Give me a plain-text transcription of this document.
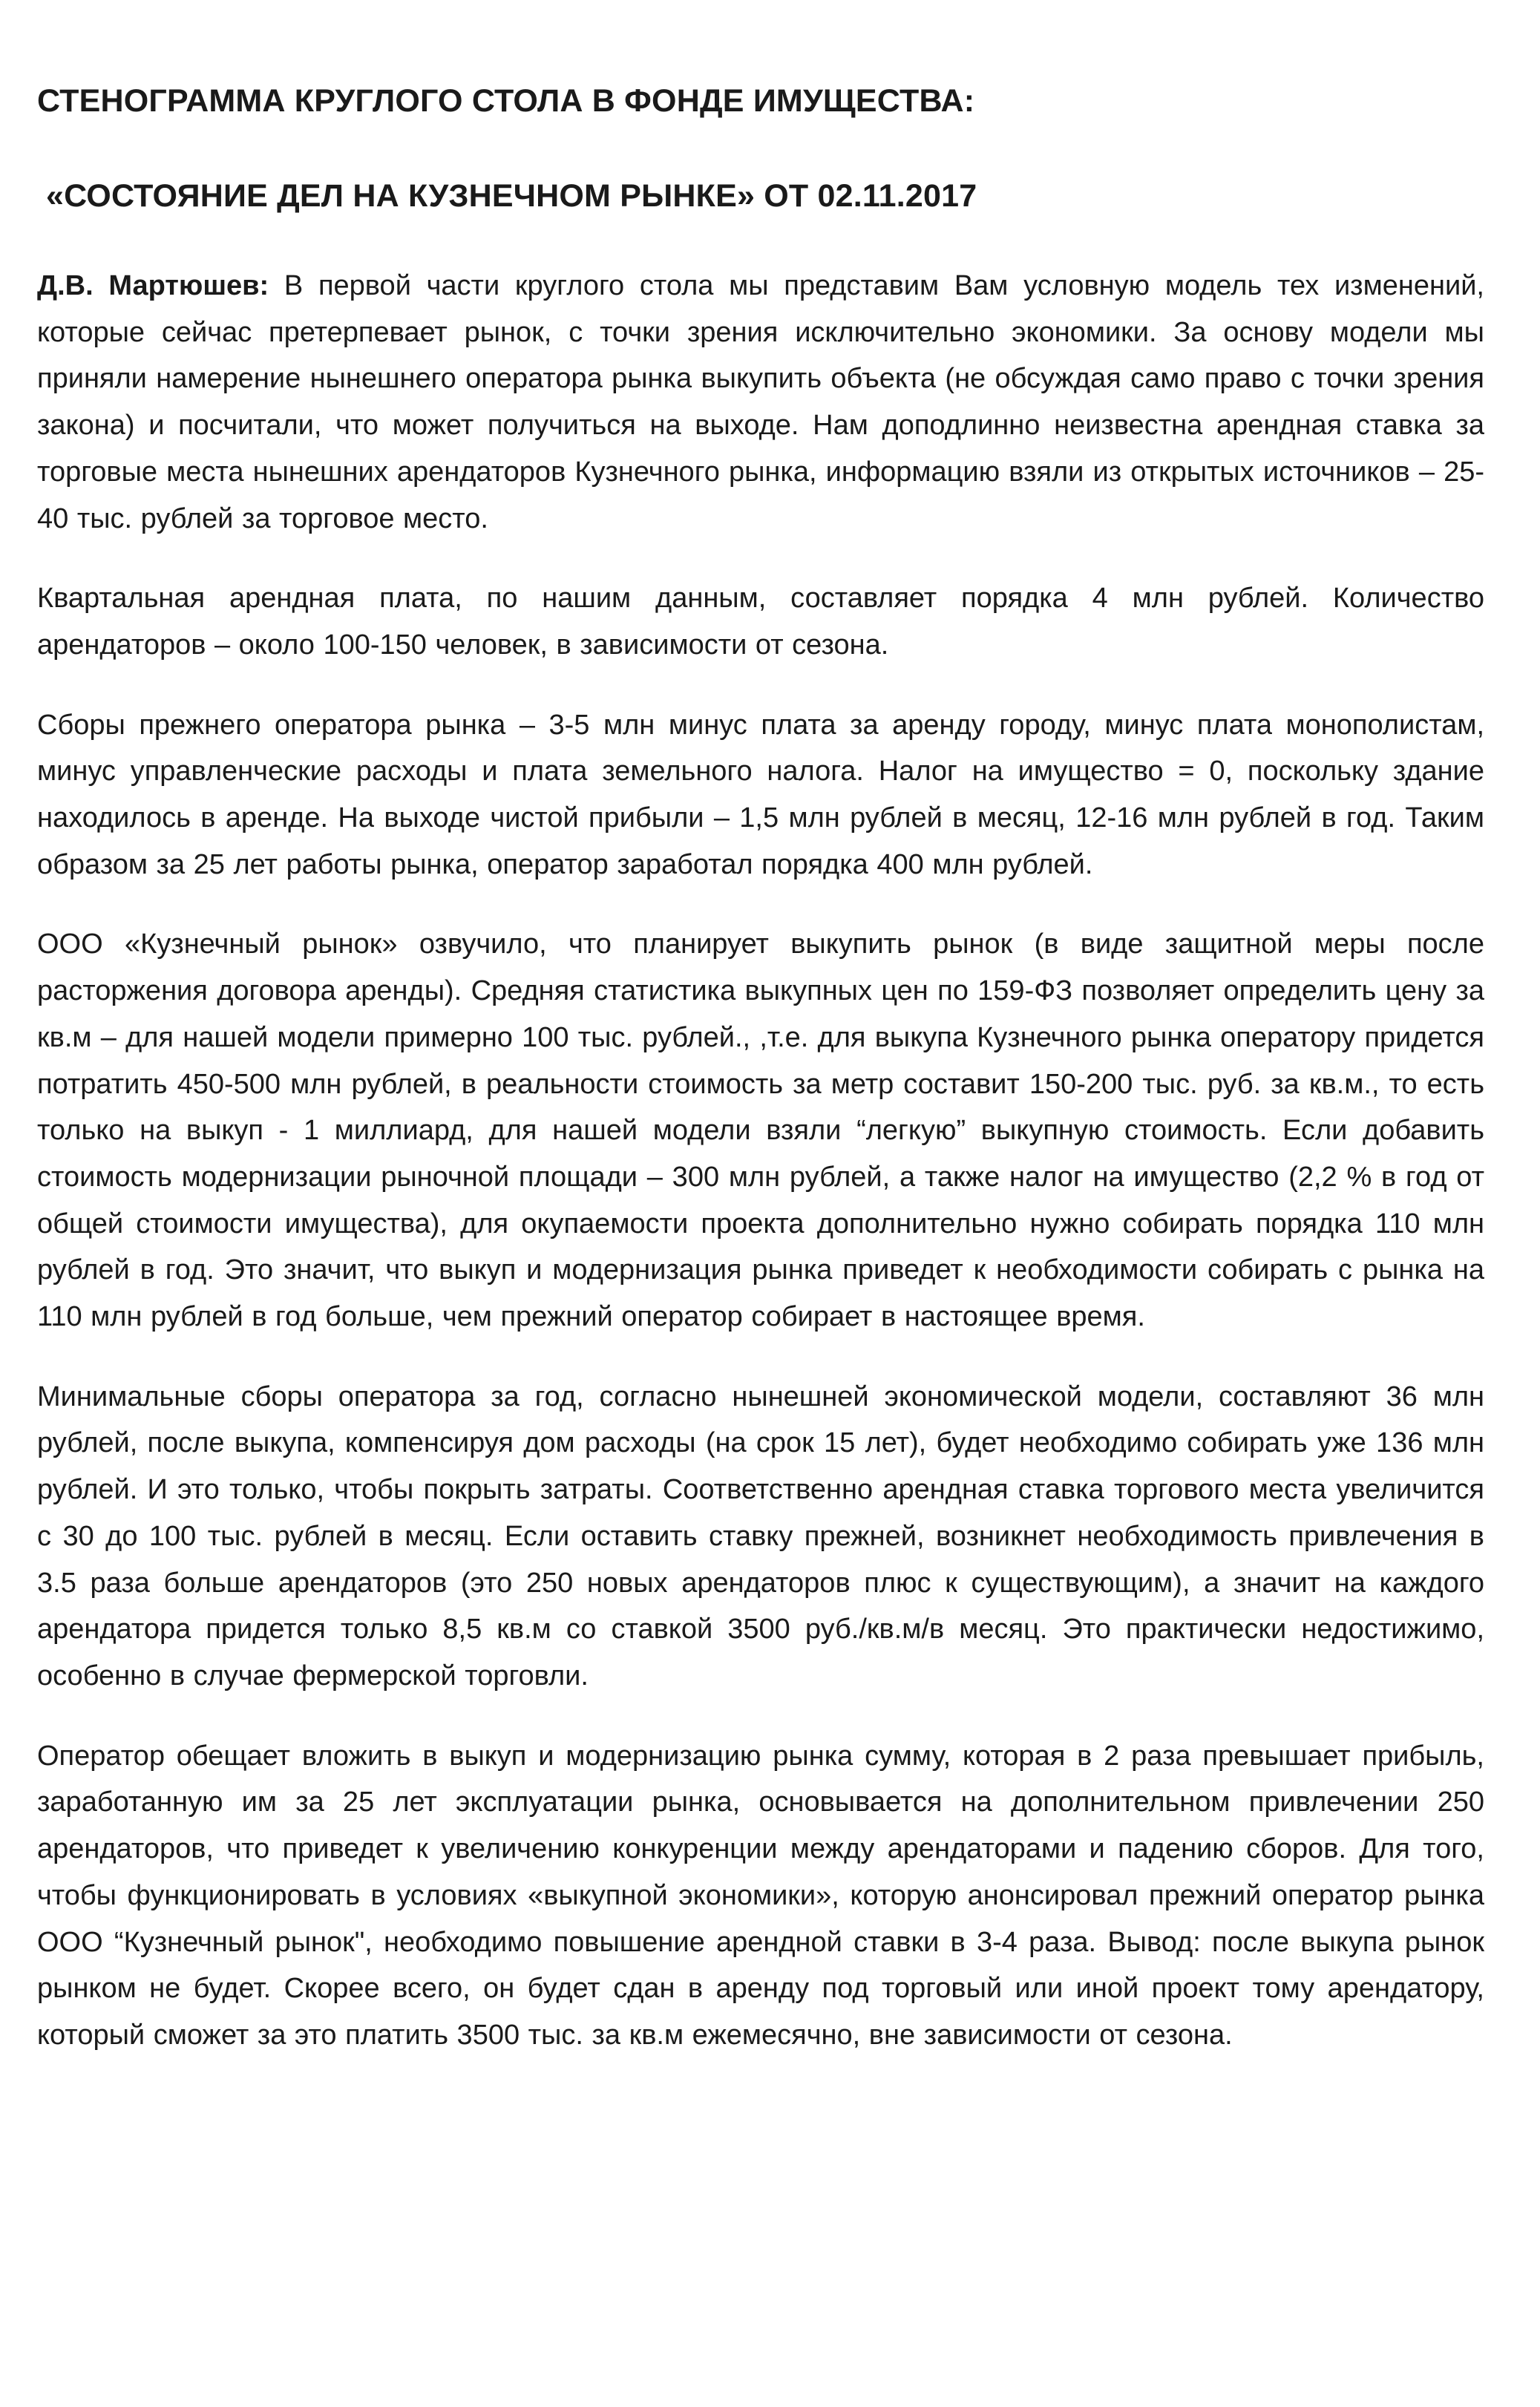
СТЕНОГРАММА КРУГЛОГО СТОЛА В ФОНДЕ ИМУЩЕСТВА:
«СОСТОЯНИЕ ДЕЛ НА КУЗНЕЧНОМ РЫНКЕ» ОТ 02.11.2017

Д.В. Мартюшев: В первой части круглого стола мы представим Вам условную модель тех изменений, которые сейчас претерпевает рынок, с точки зрения исключительно экономики. За основу модели мы приняли намерение нынешнего оператора рынка выкупить объекта (не обсуждая само право с точки зрения закона) и посчитали, что может получиться на выходе. Нам доподлинно неизвестна арендная ставка за торговые места нынешних арендаторов Кузнечного рынка, информацию взяли из открытых источников – 25-40 тыс. рублей за торговое место.

Квартальная арендная плата, по нашим данным, составляет порядка 4 млн рублей. Количество арендаторов – около 100-150 человек, в зависимости от сезона.

Сборы прежнего оператора рынка – 3-5 млн минус плата за аренду городу, минус плата монополистам, минус управленческие расходы и плата земельного налога. Налог на имущество = 0, поскольку здание находилось в аренде. На выходе чистой прибыли – 1,5 млн рублей в месяц, 12-16 млн рублей в год. Таким образом за 25 лет работы рынка, оператор заработал порядка 400 млн рублей.

ООО «Кузнечный рынок» озвучило, что планирует выкупить рынок (в виде защитной меры после расторжения договора аренды). Средняя статистика выкупных цен по 159-ФЗ позволяет определить цену за кв.м – для нашей модели примерно 100 тыс. рублей., ,т.е. для выкупа Кузнечного рынка оператору придется потратить 450-500 млн рублей, в реальности стоимость за метр составит 150-200 тыс. руб. за кв.м., то есть только на выкуп - 1 миллиард, для нашей модели взяли “легкую” выкупную стоимость. Если добавить стоимость модернизации рыночной площади – 300 млн рублей, а также налог на имущество (2,2 % в год от общей стоимости имущества), для окупаемости проекта дополнительно нужно собирать порядка 110 млн рублей в год. Это значит, что выкуп и модернизация рынка приведет к необходимости собирать с рынка на 110 млн рублей в год больше, чем прежний оператор собирает в настоящее время.

Минимальные сборы оператора за год, согласно нынешней экономической модели, составляют 36 млн рублей, после выкупа, компенсируя дом расходы (на срок 15 лет), будет необходимо собирать уже 136 млн рублей. И это только, чтобы покрыть затраты. Соответственно арендная ставка торгового места увеличится с 30 до 100 тыс. рублей в месяц. Если оставить ставку прежней, возникнет необходимость привлечения в 3.5 раза больше арендаторов (это 250 новых арендаторов плюс к существующим), а значит на каждого арендатора придется только 8,5 кв.м со ставкой 3500 руб./кв.м/в месяц. Это практически недостижимо, особенно в случае фермерской торговли.

Оператор обещает вложить в выкуп и модернизацию рынка сумму, которая в 2 раза превышает прибыль, заработанную им за 25 лет эксплуатации рынка, основывается на дополнительном привлечении 250 арендаторов, что приведет к увеличению конкуренции между арендаторами и падению сборов. Для того, чтобы функционировать в условиях «выкупной экономики», которую анонсировал прежний оператор рынка ООО “Кузнечный рынок", необходимо повышение арендной ставки в 3-4 раза. Вывод: после выкупа рынок рынком не будет. Скорее всего, он будет сдан в аренду под торговый или иной проект тому арендатору, который сможет за это платить 3500 тыс. за кв.м ежемесячно, вне зависимости от сезона.
